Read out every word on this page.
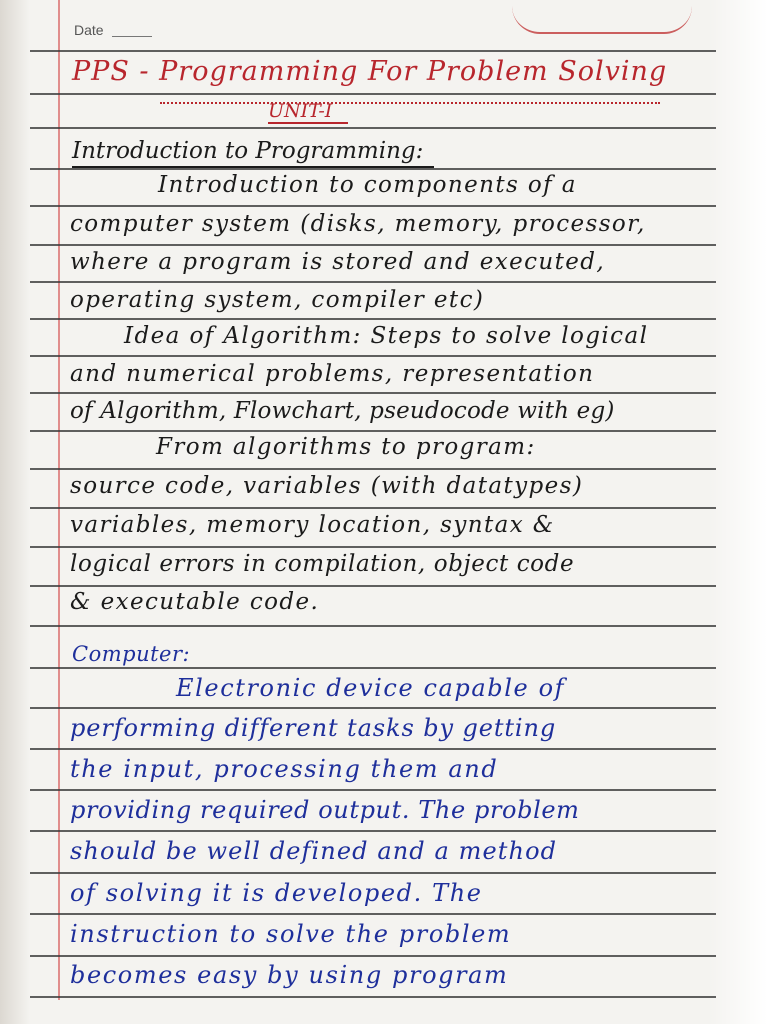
Date
PPS - Programming For Problem Solving
UNIT-I
Introduction to Programming:
Introduction to components of a
computer system (disks, memory, processor,
where a program is stored and executed,
operating system, compiler etc)
Idea of Algorithm: Steps to solve logical
and numerical problems, representation
of Algorithm, Flowchart, pseudocode with eg)
From algorithms to program:
source code, variables (with datatypes)
variables, memory location, syntax &
logical errors in compilation, object code
& executable code.
Computer:
Electronic device capable of
performing different tasks by getting
the input, processing them and
providing required output. The problem
should be well defined and a method
of solving it is developed. The
instruction to solve the problem
becomes easy by using program
